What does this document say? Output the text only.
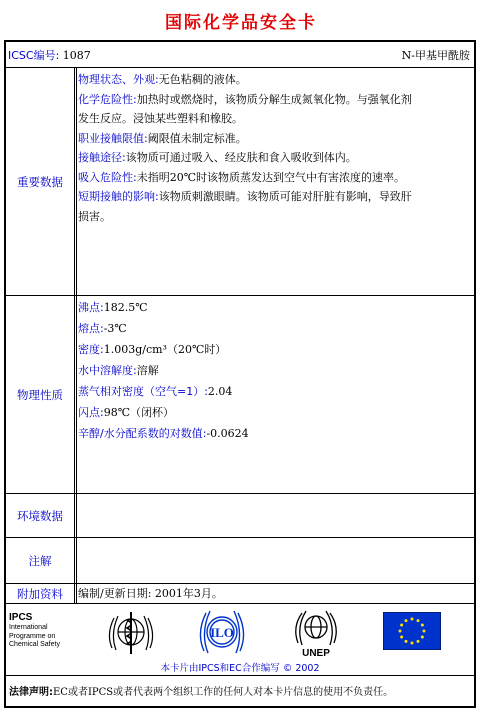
国际化学品安全卡
ICSC编号: 1087	N-甲基甲酰胺
重要数据
物理状态、外观:无色粘稠的液体。
化学危险性:加热时或燃烧时，该物质分解生成氮氧化物。与强氧化剂
发生反应。浸蚀某些塑料和橡胶。
职业接触限值:阈限值未制定标准。
接触途径:该物质可通过吸入、经皮肤和食入吸收到体内。
吸入危险性:未指明20℃时该物质蒸发达到空气中有害浓度的速率。
短期接触的影响:该物质刺激眼睛。该物质可能对肝脏有影响，导致肝
损害。
物理性质
沸点:182.5℃
熔点:-3℃
密度:1.003g/cm³（20℃时）
水中溶解度:溶解
蒸气相对密度（空气=1）:2.04
闪点:98℃（闭杯）
辛醇/水分配系数的对数值:-0.0624
环境数据
注解
附加资料	编制/更新日期: 2001年3月。
IPCS
International
Programme on
Chemical Safety
ILO
UNEP
本卡片由IPCS和EC合作编写 © 2002
法律声明:EC或者IPCS或者代表两个组织工作的任何人对本卡片信息的使用不负责任。
